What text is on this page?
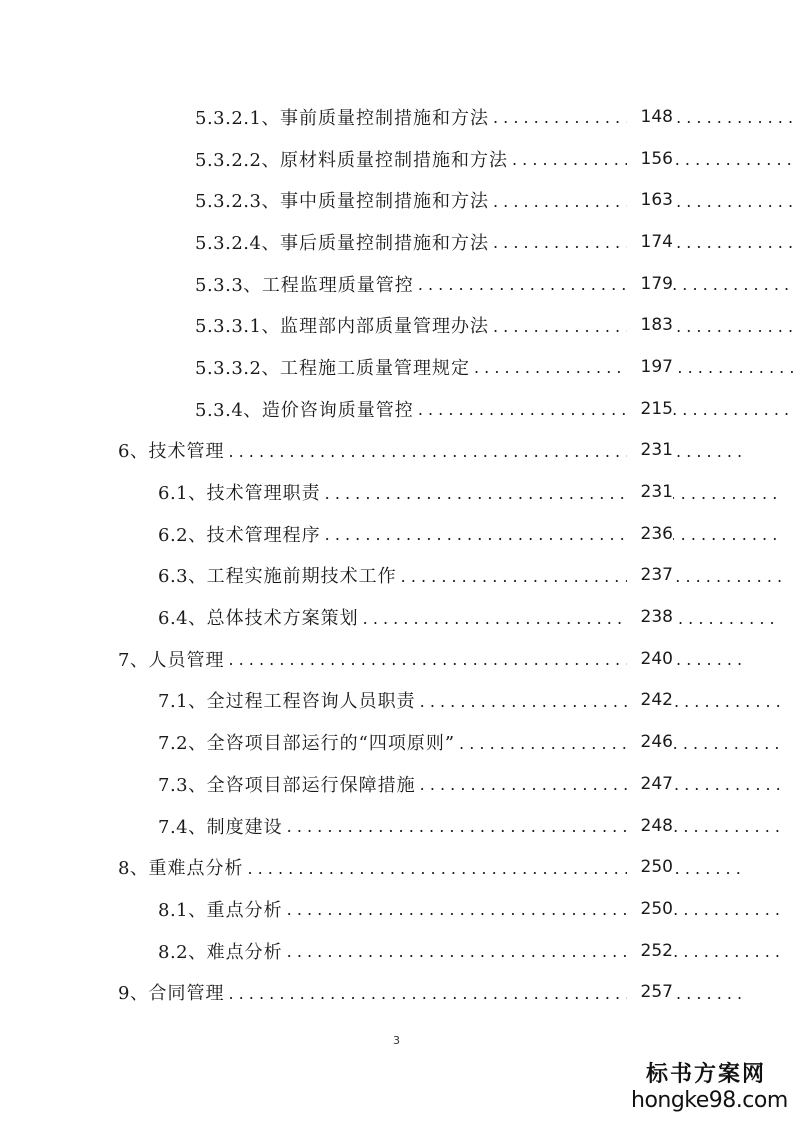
5.3.2.1、 事前质量控制措施和方法 . . .	148
5.3.2.2、 原材料质量控制措施和方法 . . .	156
5.3.2.3、 事中质量控制措施和方法 . . .	163
5.3.2.4、 事后质量控制措施和方法 . . .	174
5.3.3、 工程监理质量管控 . . .	179
5.3.3.1、 监理部内部质量管理办法 . . .	183
5.3.3.2、 工程施工质量管理规定 . . .	197
5.3.4、 造价咨询质量管控 . . .	215
6、 技术管理 . . .	231
6.1、 技术管理职责 . . .	231
6.2、 技术管理程序 . . .	236
6.3、 工程实施前期技术工作 . . .	237
6.4、 总体技术方案策划 . . .	238
7、 人员管理 . . .	240
7.1、 全过程工程咨询人员职责 . . .	242
7.2、 全咨项目部运行的“四项原则” . . .	246
7.3、 全咨项目部运行保障措施 . . .	247
7.4、 制度建设 . . .	248
8、 重难点分析 . . .	250
8.1、 重点分析 . . .	250
8.2、 难点分析 . . .	252
9、 合同管理 . . .	257
3
标书方案网
hongke98.com
